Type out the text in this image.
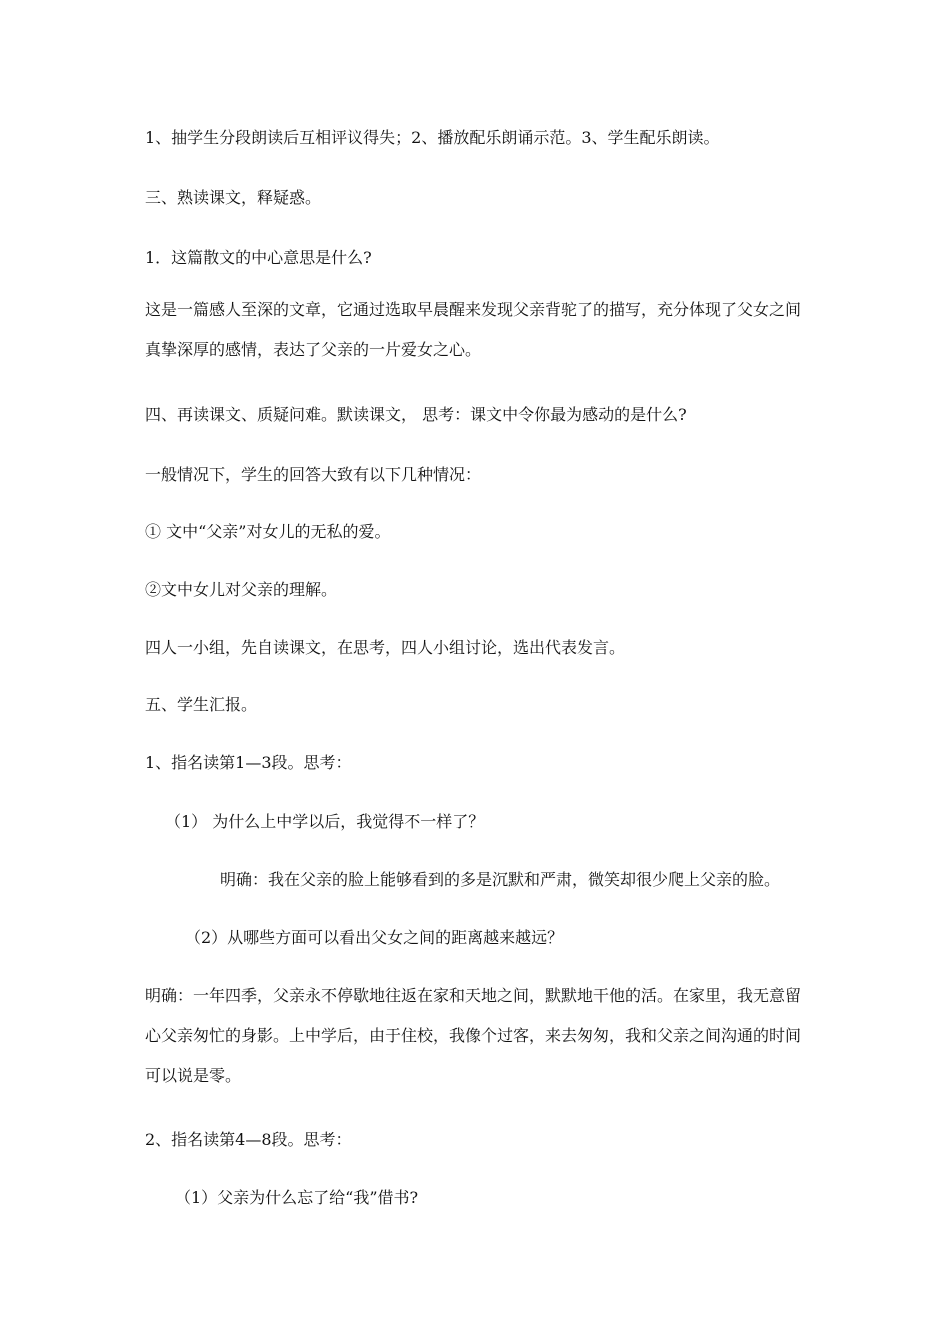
1、抽学生分段朗读后互相评议得失；2、播放配乐朗诵示范。3、学生配乐朗读。
三、熟读课文，释疑惑。
1．这篇散文的中心意思是什么?
这是一篇感人至深的文章，它通过选取早晨醒来发现父亲背驼了的描写，充分体现了父女之间真挚深厚的感情，表达了父亲的一片爱女之心。
四、再读课文、质疑问难。默读课文， 思考：课文中令你最为感动的是什么?
一般情况下，学生的回答大致有以下几种情况：
① 文中“父亲”对女儿的无私的爱。
②文中女儿对父亲的理解。
四人一小组，先自读课文，在思考，四人小组讨论，选出代表发言。
五、学生汇报。
1、指名读第1—3段。思考：
（1） 为什么上中学以后，我觉得不一样了？
明确：我在父亲的脸上能够看到的多是沉默和严肃，微笑却很少爬上父亲的脸。
（2）从哪些方面可以看出父女之间的距离越来越远？
明确：一年四季，父亲永不停歇地往返在家和天地之间，默默地干他的活。在家里，我无意留心父亲匆忙的身影。上中学后，由于住校，我像个过客，来去匆匆，我和父亲之间沟通的时间可以说是零。
2、指名读第4—8段。思考：
（1）父亲为什么忘了给“我”借书?
